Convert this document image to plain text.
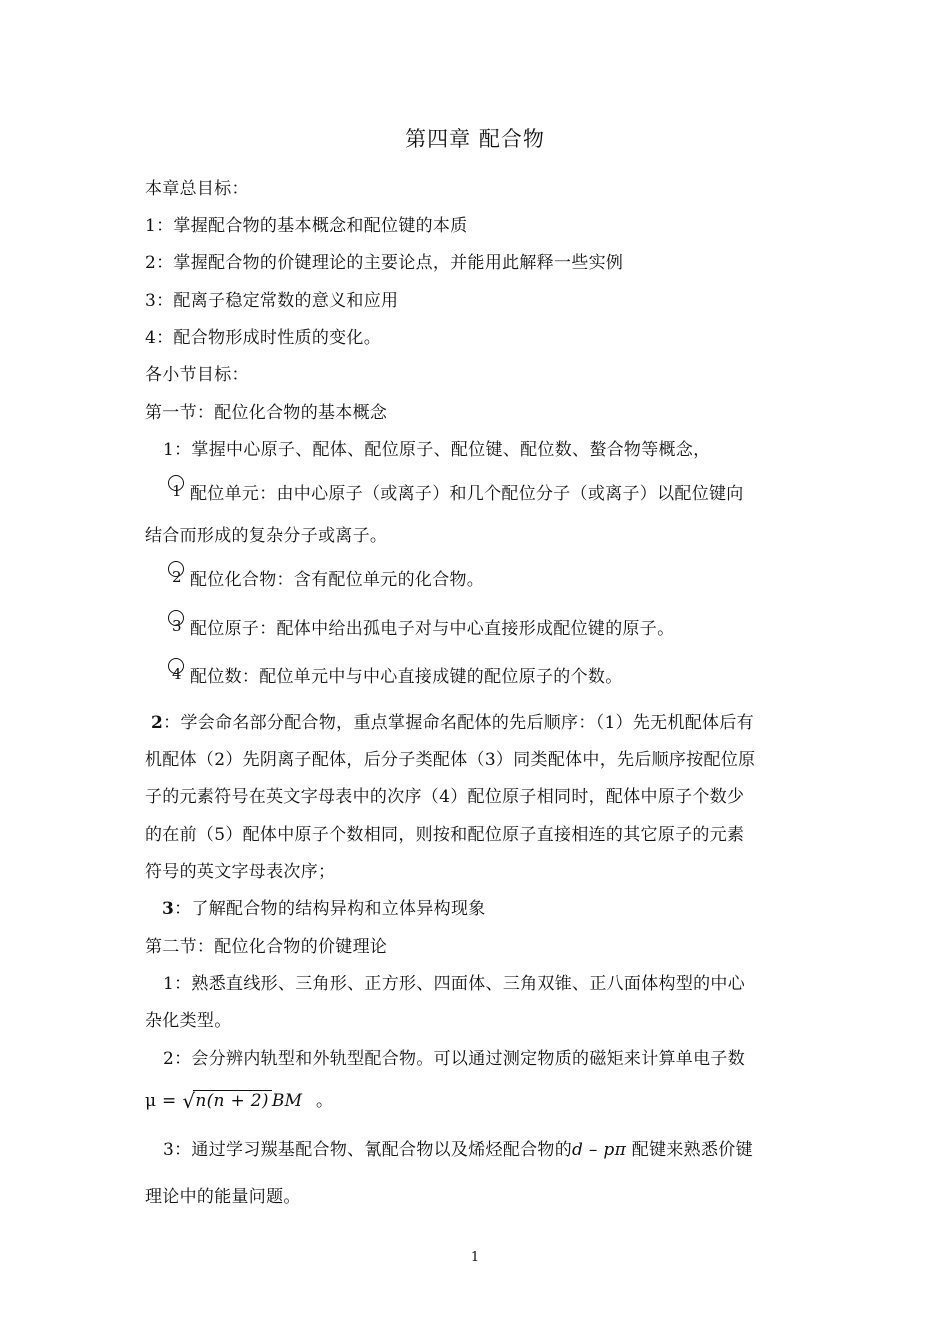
第四章 配合物
本章总目标：
1：掌握配合物的基本概念和配位键的本质
2：掌握配合物的价键理论的主要论点，并能用此解释一些实例
3：配离子稳定常数的意义和应用
4：配合物形成时性质的变化。
各小节目标：
第一节：配位化合物的基本概念
1：掌握中心原子、配体、配位原子、配位键、配位数、螯合物等概念，
1 配位单元：由中心原子（或离子）和几个配位分子（或离子）以配位键向
结合而形成的复杂分子或离子。
2 配位化合物：含有配位单元的化合物。
3 配位原子：配体中给出孤电子对与中心直接形成配位键的原子。
4 配位数：配位单元中与中心直接成键的配位原子的个数。
2：学会命名部分配合物，重点掌握命名配体的先后顺序：（1）先无机配体后有
机配体（2）先阴离子配体，后分子类配体（3）同类配体中，先后顺序按配位原
子的元素符号在英文字母表中的次序（4）配位原子相同时，配体中原子个数少
的在前（5）配体中原子个数相同，则按和配位原子直接相连的其它原子的元素
符号的英文字母表次序；
3：了解配合物的结构异构和立体异构现象
第二节：配位化合物的价键理论
1：熟悉直线形、三角形、正方形、四面体、三角双锥、正八面体构型的中心
杂化类型。
2：会分辨内轨型和外轨型配合物。可以通过测定物质的磁矩来计算单电子数
μ = √n(n + 2) BM 。
3：通过学习羰基配合物、氰配合物以及烯烃配合物的d – pπ 配键来熟悉价键
理论中的能量问题。
1
